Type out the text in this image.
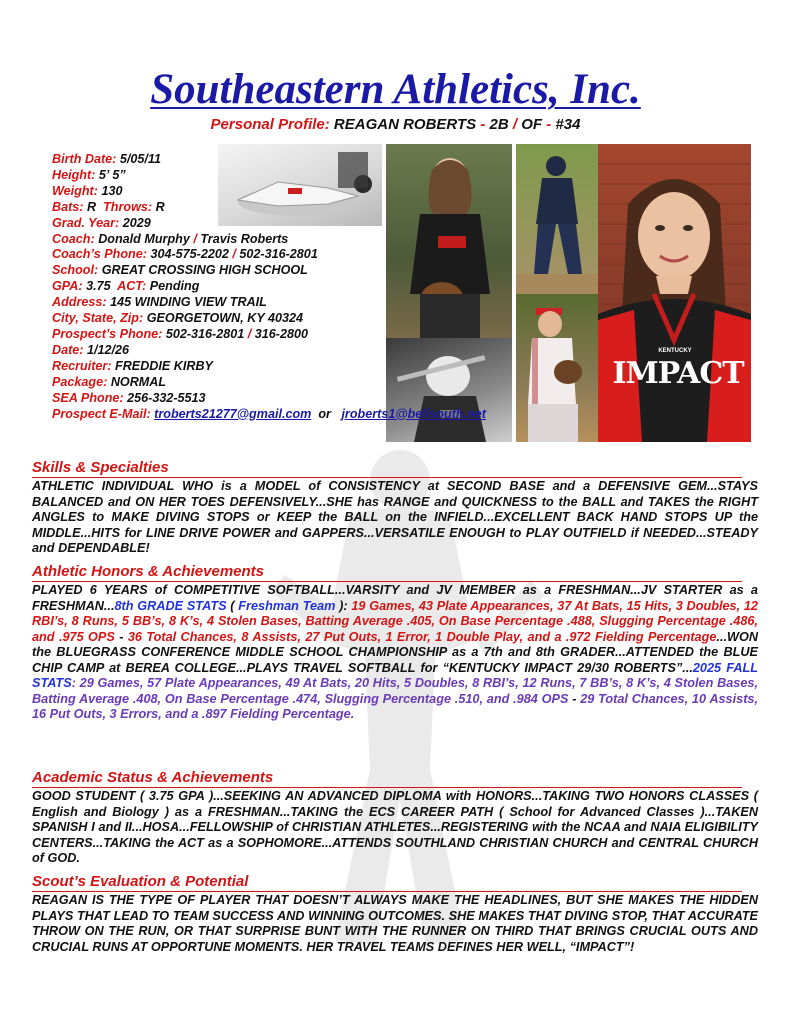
Southeastern Athletics, Inc.
Personal Profile: REAGAN ROBERTS - 2B / OF - #34
KENTUCKY
IMPACT
Birth Date: 5/05/11
Height: 5’ 5”
Weight: 130
Bats: R Throws: R
Grad. Year: 2029
Coach: Donald Murphy / Travis Roberts
Coach’s Phone: 304-575-2202 / 502-316-2801
School: GREAT CROSSING HIGH SCHOOL
GPA: 3.75 ACT: Pending
Address: 145 WINDING VIEW TRAIL
City, State, Zip: GEORGETOWN, KY 40324
Prospect’s Phone: 502-316-2801 / 316-2800
Date: 1/12/26
Recruiter: FREDDIE KIRBY
Package: NORMAL
SEA Phone: 256-332-5513
Prospect E-Mail: troberts21277@gmail.com or jroberts1@bellsouth.net
Skills & Specialties
ATHLETIC INDIVIDUAL WHO is a MODEL of CONSISTENCY at SECOND BASE and a DEFENSIVE GEM...STAYS BALANCED and ON HER TOES DEFENSIVELY...SHE has RANGE and QUICKNESS to the BALL and TAKES the RIGHT ANGLES to MAKE DIVING STOPS or KEEP the BALL on the INFIELD...EXCELLENT BACK HAND STOPS UP the MIDDLE...HITS for LINE DRIVE POWER and GAPPERS...VERSATILE ENOUGH to PLAY OUTFIELD if NEEDED...STEADY and DEPENDABLE!
Athletic Honors & Achievements
PLAYED 6 YEARS of COMPETITIVE SOFTBALL...VARSITY and JV MEMBER as a FRESHMAN...JV STARTER as a FRESHMAN...8th GRADE STATS ( Freshman Team ): 19 Games, 43 Plate Appearances, 37 At Bats, 15 Hits, 3 Doubles, 12 RBI’s, 8 Runs, 5 BB’s, 8 K’s, 4 Stolen Bases, Batting Average .405, On Base Percentage .488, Slugging Percentage .486, and .975 OPS - 36 Total Chances, 8 Assists, 27 Put Outs, 1 Error, 1 Double Play, and a .972 Fielding Percentage...WON the BLUEGRASS CONFERENCE MIDDLE SCHOOL CHAMPIONSHIP as a 7th and 8th GRADER...ATTENDED the BLUE CHIP CAMP at BEREA COLLEGE...PLAYS TRAVEL SOFTBALL for “KENTUCKY IMPACT 29/30 ROBERTS”...2025 FALL STATS: 29 Games, 57 Plate Appearances, 49 At Bats, 20 Hits, 5 Doubles, 8 RBI’s, 12 Runs, 7 BB’s, 8 K’s, 4 Stolen Bases, Batting Average .408, On Base Percentage .474, Slugging Percentage .510, and .984 OPS - 29 Total Chances, 10 Assists, 16 Put Outs, 3 Errors, and a .897 Fielding Percentage.
Academic Status & Achievements
GOOD STUDENT ( 3.75 GPA )...SEEKING AN ADVANCED DIPLOMA with HONORS...TAKING TWO HONORS CLASSES ( English and Biology ) as a FRESHMAN...TAKING the ECS CAREER PATH ( School for Advanced Classes )...TAKEN SPANISH I and II...HOSA...FELLOWSHIP of CHRISTIAN ATHLETES...REGISTERING with the NCAA and NAIA ELIGIBILITY CENTERS...TAKING the ACT as a SOPHOMORE...ATTENDS SOUTHLAND CHRISTIAN CHURCH and CENTRAL CHURCH of GOD.
Scout’s Evaluation & Potential
REAGAN IS THE TYPE OF PLAYER THAT DOESN’T ALWAYS MAKE THE HEADLINES, BUT SHE MAKES THE HIDDEN PLAYS THAT LEAD TO TEAM SUCCESS AND WINNING OUTCOMES. SHE MAKES THAT DIVING STOP, THAT ACCURATE THROW ON THE RUN, OR THAT SURPRISE BUNT WITH THE RUNNER ON THIRD THAT BRINGS CRUCIAL OUTS AND CRUCIAL RUNS AT OPPORTUNE MOMENTS. HER TRAVEL TEAMS DEFINES HER WELL, “IMPACT”!
